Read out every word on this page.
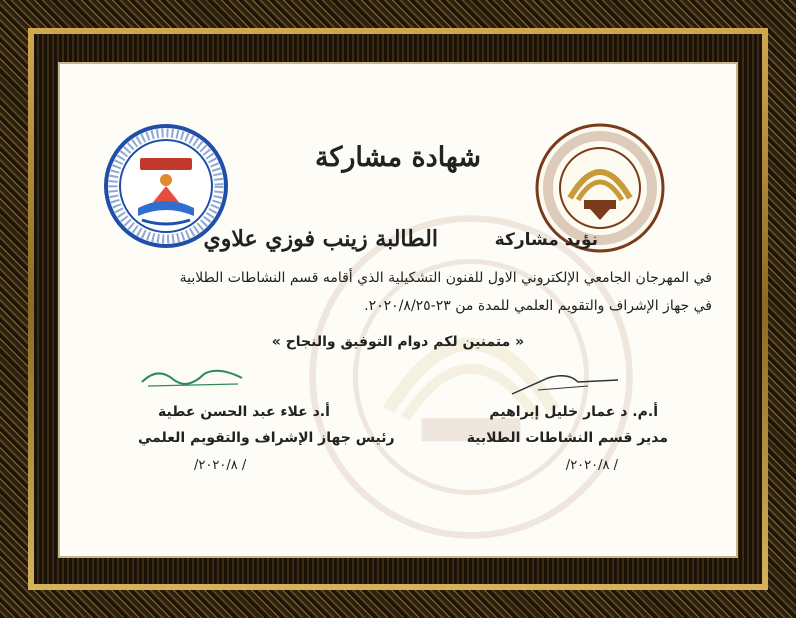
شهادة مشاركة
نؤيد مشاركة
الطالبة زينب فوزي علاوي
في المهرجان الجامعي الإلكتروني الاول للفنون التشكيلية الذي أقامه قسم النشاطات الطلابية
في جهاز الإشراف والتقويم العلمي للمدة من ٢٣-٢٠٢٠/٨/٢٥.
« متمنين لكم دوام التوفيق والنجاح »
أ.د علاء عبد الحسن عطية
رئيس جهاز الإشراف والتقويم العلمي
/ ٢٠٢٠/٨/
أ.م. د عمار خليل إبراهيم
مدير قسم النشاطات الطلابية
/ ٢٠٢٠/٨/
